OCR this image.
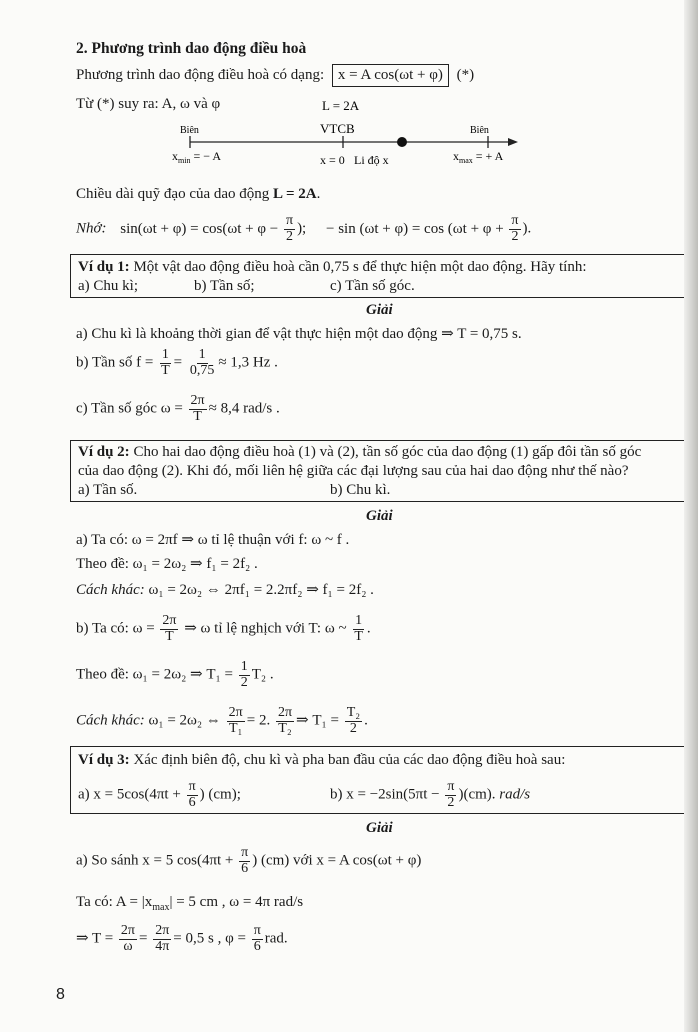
2. Phương trình dao động điều hoà
Phương trình dao động điều hoà có dạng: x = A cos(ωt + φ) (*)
Từ (*) suy ra: A, ω và φ	L = 2A
Biên	VTCB	Biên
$x_{min}$ = − A	x = 0 Li độ x	$x_{max}$ = + A
Chiều dài quỹ đạo của dao động L = 2A.
Nhớ: $\sin(\omega t + \varphi) = \cos(\omega t + \varphi - \frac{\pi}{2}$ ); − $\sin (\omega t + \varphi) = \cos (\omega t + \varphi + \frac{\pi}{2}$ ).
Ví dụ 1: Một vật dao động điều hoà cần 0,75 s để thực hiện một dao động. Hãy tính:
a) Chu kì;	b) Tần số;	c) Tần số góc.
Giải
a) Chu kì là khoảng thời gian để vật thực hiện một dao động ⇒ T = 0,75 s.
b) Tần số $f = \frac{1}{T} = \frac{1}{0,75} \approx 1,3$ Hz .
c) Tần số góc $\omega = \frac{2\pi}{T} \approx 8,4$ rad/s .
Ví dụ 2: Cho hai dao động điều hoà (1) và (2), tần số góc của dao động (1) gấp đôi tần số góc
của dao động (2). Khi đó, mối liên hệ giữa các đại lượng sau của hai dao động như thế nào?
a) Tần số.	b) Chu kì.
Giải
a) Ta có: ω = 2πf ⇒ ω tỉ lệ thuận với f: ω ~ f .
Theo đề: ω₁ = 2ω₂ ⇒ f₁ = 2f₂ .
Cách khác: ω₁ = 2ω₂ ⇔ 2πf₁ = 2.2πf₂ ⇒ f₁ = 2f₂ .
b) Ta có: $\omega = \frac{2\pi}{T}$ ⇒ ω tỉ lệ nghịch với T: ω ~ $\frac{1}{T}$ .
Theo đề: ω₁ = 2ω₂ ⇒ $T_1 = \frac{1}{2} T_2$ .
Cách khác: ω₁ = 2ω₂ ⇔ $\frac{2\pi}{\text{T₁}} = 2$. $\frac{2\pi}{\text{T₂}}$ ⇒ $T_1 = \frac{\text{T₂}}{2}$ .
Ví dụ 3: Xác định biên độ, chu kì và pha ban đầu của các dao động điều hoà sau:
a) $x = 5\cos(4\pi t + \frac{\pi}{6}$ ) (cm);	b) $x = -2\sin(5\pi t - \frac{\pi}{2} )(cm)$. rad/s
Giải
a) So sánh x = 5 $\cos(4\pi t + \frac{\pi}{6}$ ) (cm) với x = A cos(ωt + φ)
Ta có: $A = |x_{max}| = 5$ cm , ω = 4π rad/s
⇒ $T = \frac{2\pi}{\omega} = \frac{2\pi}{4\pi} = 0,5$ s , $\varphi = \frac{\pi}{6}$ rad.
8
